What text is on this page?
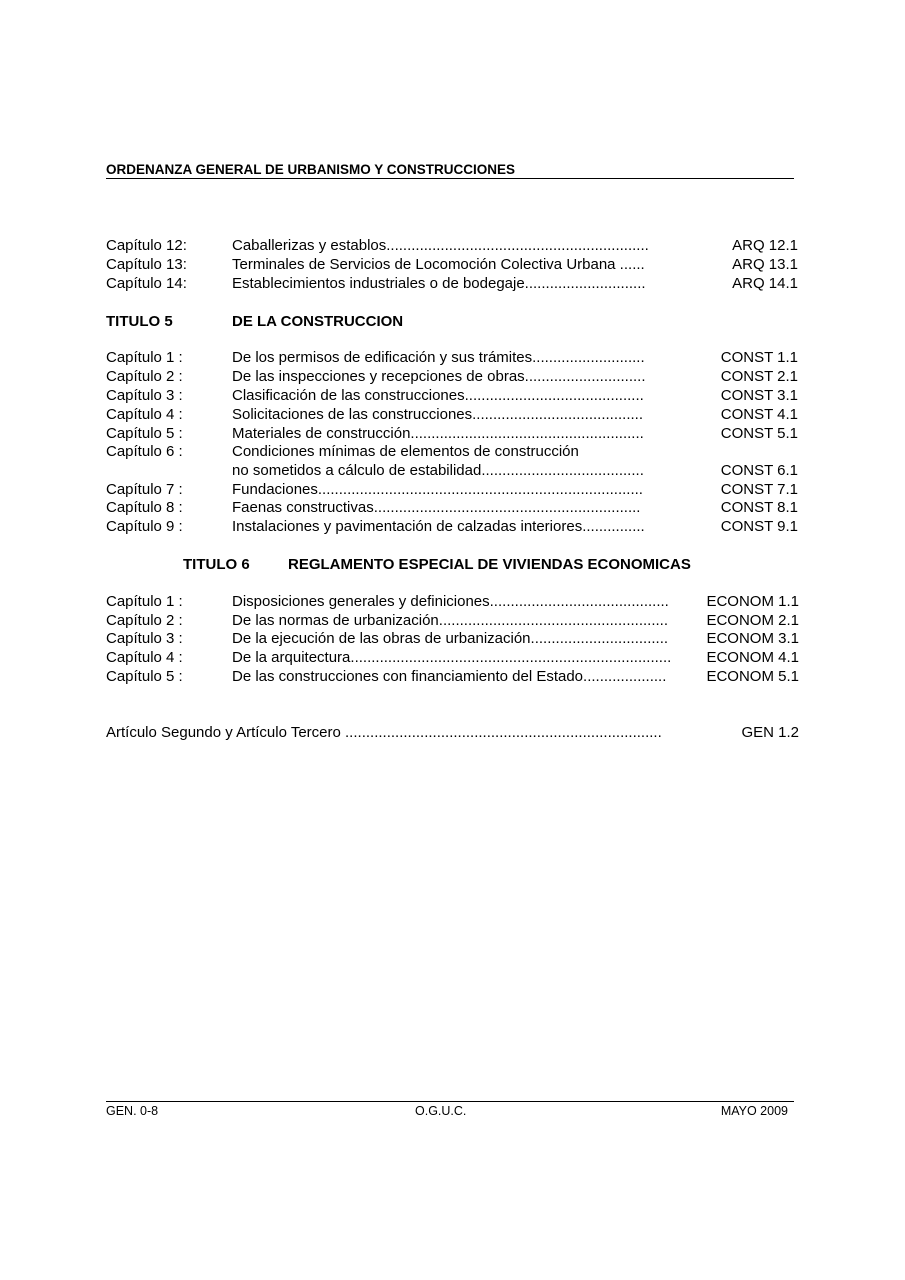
ORDENANZA GENERAL DE URBANISMO Y CONSTRUCCIONES
Capítulo 12:	Caballerizas y establos...............................................................	ARQ 12.1
Capítulo 13:	Terminales de Servicios de Locomoción Colectiva Urbana ......	ARQ 13.1
Capítulo 14:	Establecimientos industriales o de bodegaje.............................	ARQ 14.1
TITULO 5	DE LA CONSTRUCCION
Capítulo 1 :	De los permisos de edificación y sus trámites...........................	CONST 1.1
Capítulo 2 :	De las inspecciones y recepciones de obras.............................	CONST 2.1
Capítulo 3 :	Clasificación de las construcciones...........................................	CONST 3.1
Capítulo 4 :	Solicitaciones de las construcciones.........................................	CONST 4.1
Capítulo 5 :	Materiales de construcción........................................................	CONST 5.1
Capítulo 6 :	Condiciones mínimas de elementos de construcción
no sometidos a cálculo de estabilidad.......................................	CONST 6.1
Capítulo 7 :	Fundaciones..............................................................................	CONST 7.1
Capítulo 8 :	Faenas constructivas................................................................	CONST 8.1
Capítulo 9 :	Instalaciones y pavimentación de calzadas interiores...............	CONST 9.1
TITULO 6	REGLAMENTO ESPECIAL DE VIVIENDAS ECONOMICAS
Capítulo 1 :	Disposiciones generales y definiciones...........................................	ECONOM 1.1
Capítulo 2 :	De las normas de urbanización.......................................................	ECONOM 2.1
Capítulo 3 :	De la ejecución de las obras de urbanización.................................	ECONOM 3.1
Capítulo 4 :	De la arquitectura.............................................................................	ECONOM 4.1
Capítulo 5 :	De las construcciones con financiamiento del Estado....................	ECONOM 5.1
Artículo Segundo y Artículo Tercero ............................................................................	GEN 1.2
GEN. 0-8	O.G.U.C.	MAYO 2009
